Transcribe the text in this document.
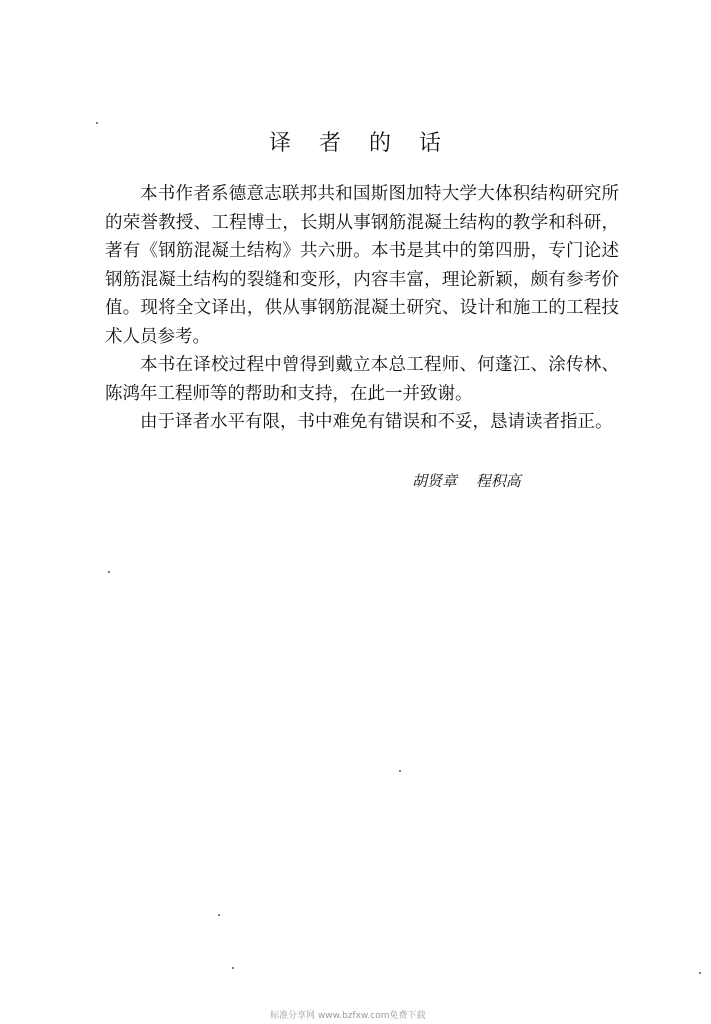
译者的话

本书作者系德意志联邦共和国斯图加特大学大体积结构研究所的荣誉教授、工程博士，长期从事钢筋混凝土结构的教学和科研，著有《钢筋混凝土结构》共六册。本书是其中的第四册，专门论述钢筋混凝土结构的裂缝和变形，内容丰富，理论新颖，颇有参考价值。现将全文译出，供从事钢筋混凝土研究、设计和施工的工程技术人员参考。

本书在译校过程中曾得到戴立本总工程师、何蓬江、涂传林、陈鸿年工程师等的帮助和支持，在此一并致谢。

由于译者水平有限，书中难免有错误和不妥，恳请读者指正。

胡贤章 程积高
标准分享网 www.bzfxw.com免费下载
